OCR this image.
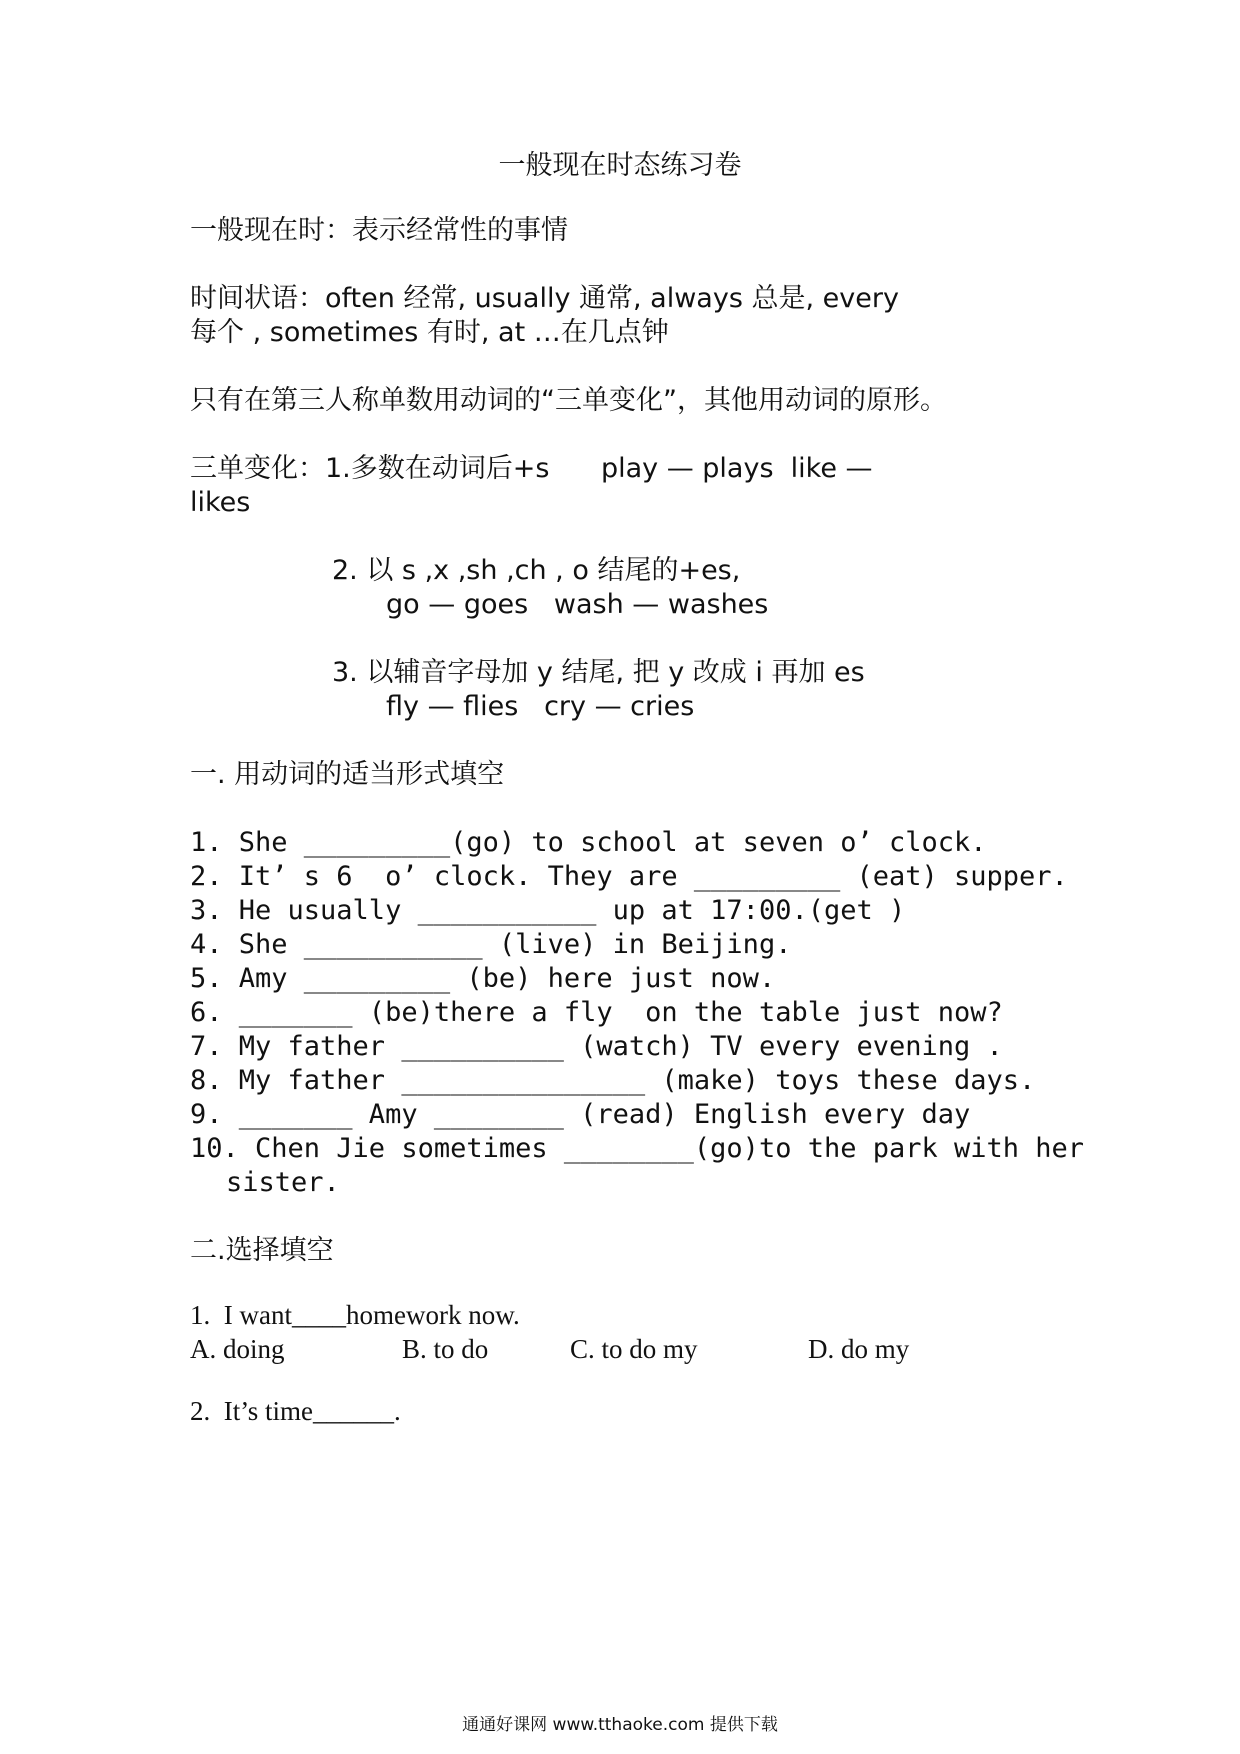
一般现在时态练习卷
一般现在时：表示经常性的事情
时间状语：often 经常, usually 通常, always 总是, every
每个 , sometimes 有时, at …在几点钟
只有在第三人称单数用动词的“三单变化”，其他用动词的原形。
三单变化：1.多数在动词后+s      play — plays  like —
likes
2. 以 s ,x ,sh ,ch , o 结尾的+es,
go — goes   wash — washes
3. 以辅音字母加 y 结尾, 把 y 改成 i 再加 es
fly — flies   cry — cries
一. 用动词的适当形式填空
1. She _________(go) to school at seven o’ clock.
2. It’ s 6  o’ clock. They are _________ (eat) supper.
3. He usually ___________ up at 17:00.(get )
4. She ___________ (live) in Beijing.
5. Amy _________ (be) here just now.
6. _______ (be)there a fly  on the table just now?
7. My father __________ (watch) TV every evening .
8. My father _______________ (make) toys these days.
9. _______ Amy ________ (read) English every day
10. Chen Jie sometimes ________(go)to the park with her
sister.
二.选择填空
1.  I want____homework now.
A. doing	B. to do	C. to do my	D. do my
2.  It’s time______.
通通好课网 www.tthaoke.com 提供下载
